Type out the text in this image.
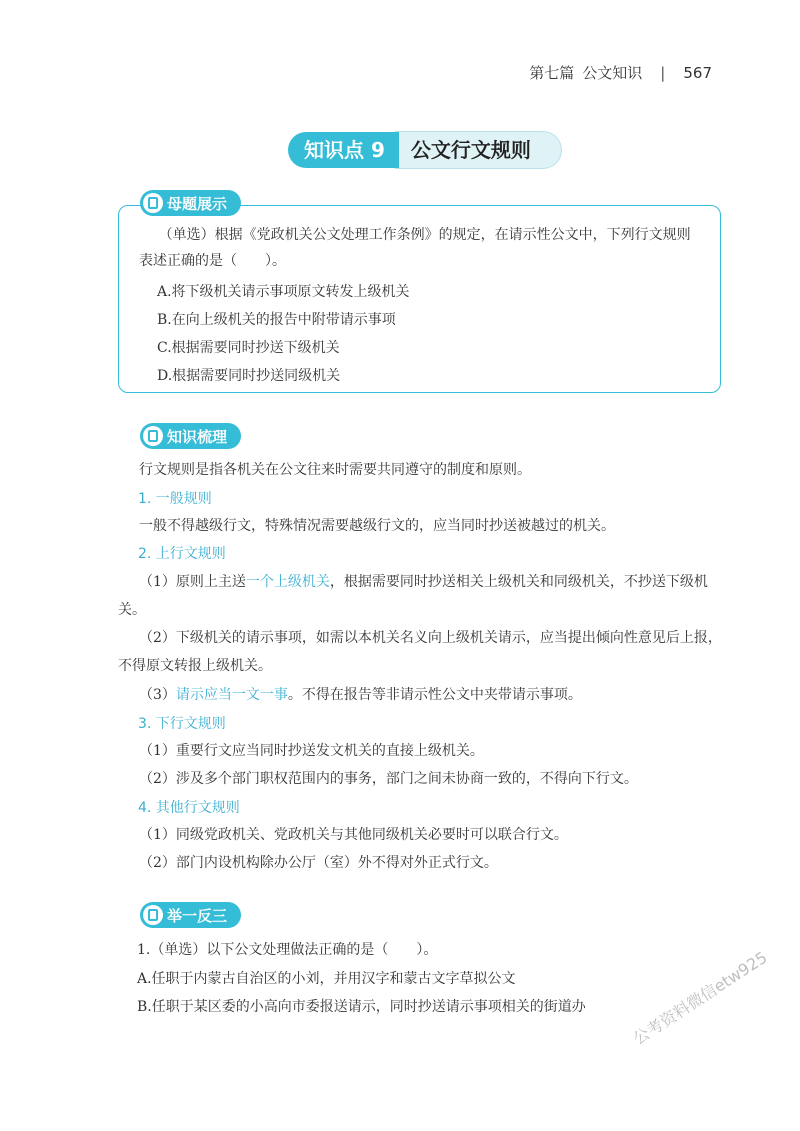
第七篇 公文知识 | 567
知识点 9	公文行文规则
母题展示

（单选）根据《党政机关公文处理工作条例》的规定，在请示性公文中，下列行文规则表述正确的是（　　）。

A.将下级机关请示事项原文转发上级机关

B.在向上级机关的报告中附带请示事项

C.根据需要同时抄送下级机关

D.根据需要同时抄送同级机关

知识梳理

行文规则是指各机关在公文往来时需要共同遵守的制度和原则。

1. 一般规则

一般不得越级行文，特殊情况需要越级行文的，应当同时抄送被越过的机关。

2. 上行文规则

（1）原则上主送一个上级机关，根据需要同时抄送相关上级机关和同级机关，不抄送下级机关。

（2）下级机关的请示事项，如需以本机关名义向上级机关请示，应当提出倾向性意见后上报，不得原文转报上级机关。

（3）请示应当一文一事。不得在报告等非请示性公文中夹带请示事项。

3. 下行文规则

（1）重要行文应当同时抄送发文机关的直接上级机关。

（2）涉及多个部门职权范围内的事务，部门之间未协商一致的，不得向下行文。

4. 其他行文规则

（1）同级党政机关、党政机关与其他同级机关必要时可以联合行文。

（2）部门内设机构除办公厅（室）外不得对外正式行文。

举一反三

1.（单选）以下公文处理做法正确的是（　　）。

A.任职于内蒙古自治区的小刘，并用汉字和蒙古文字草拟公文

B.任职于某区委的小高向市委报送请示，同时抄送请示事项相关的街道办	公考资料微信etw925
